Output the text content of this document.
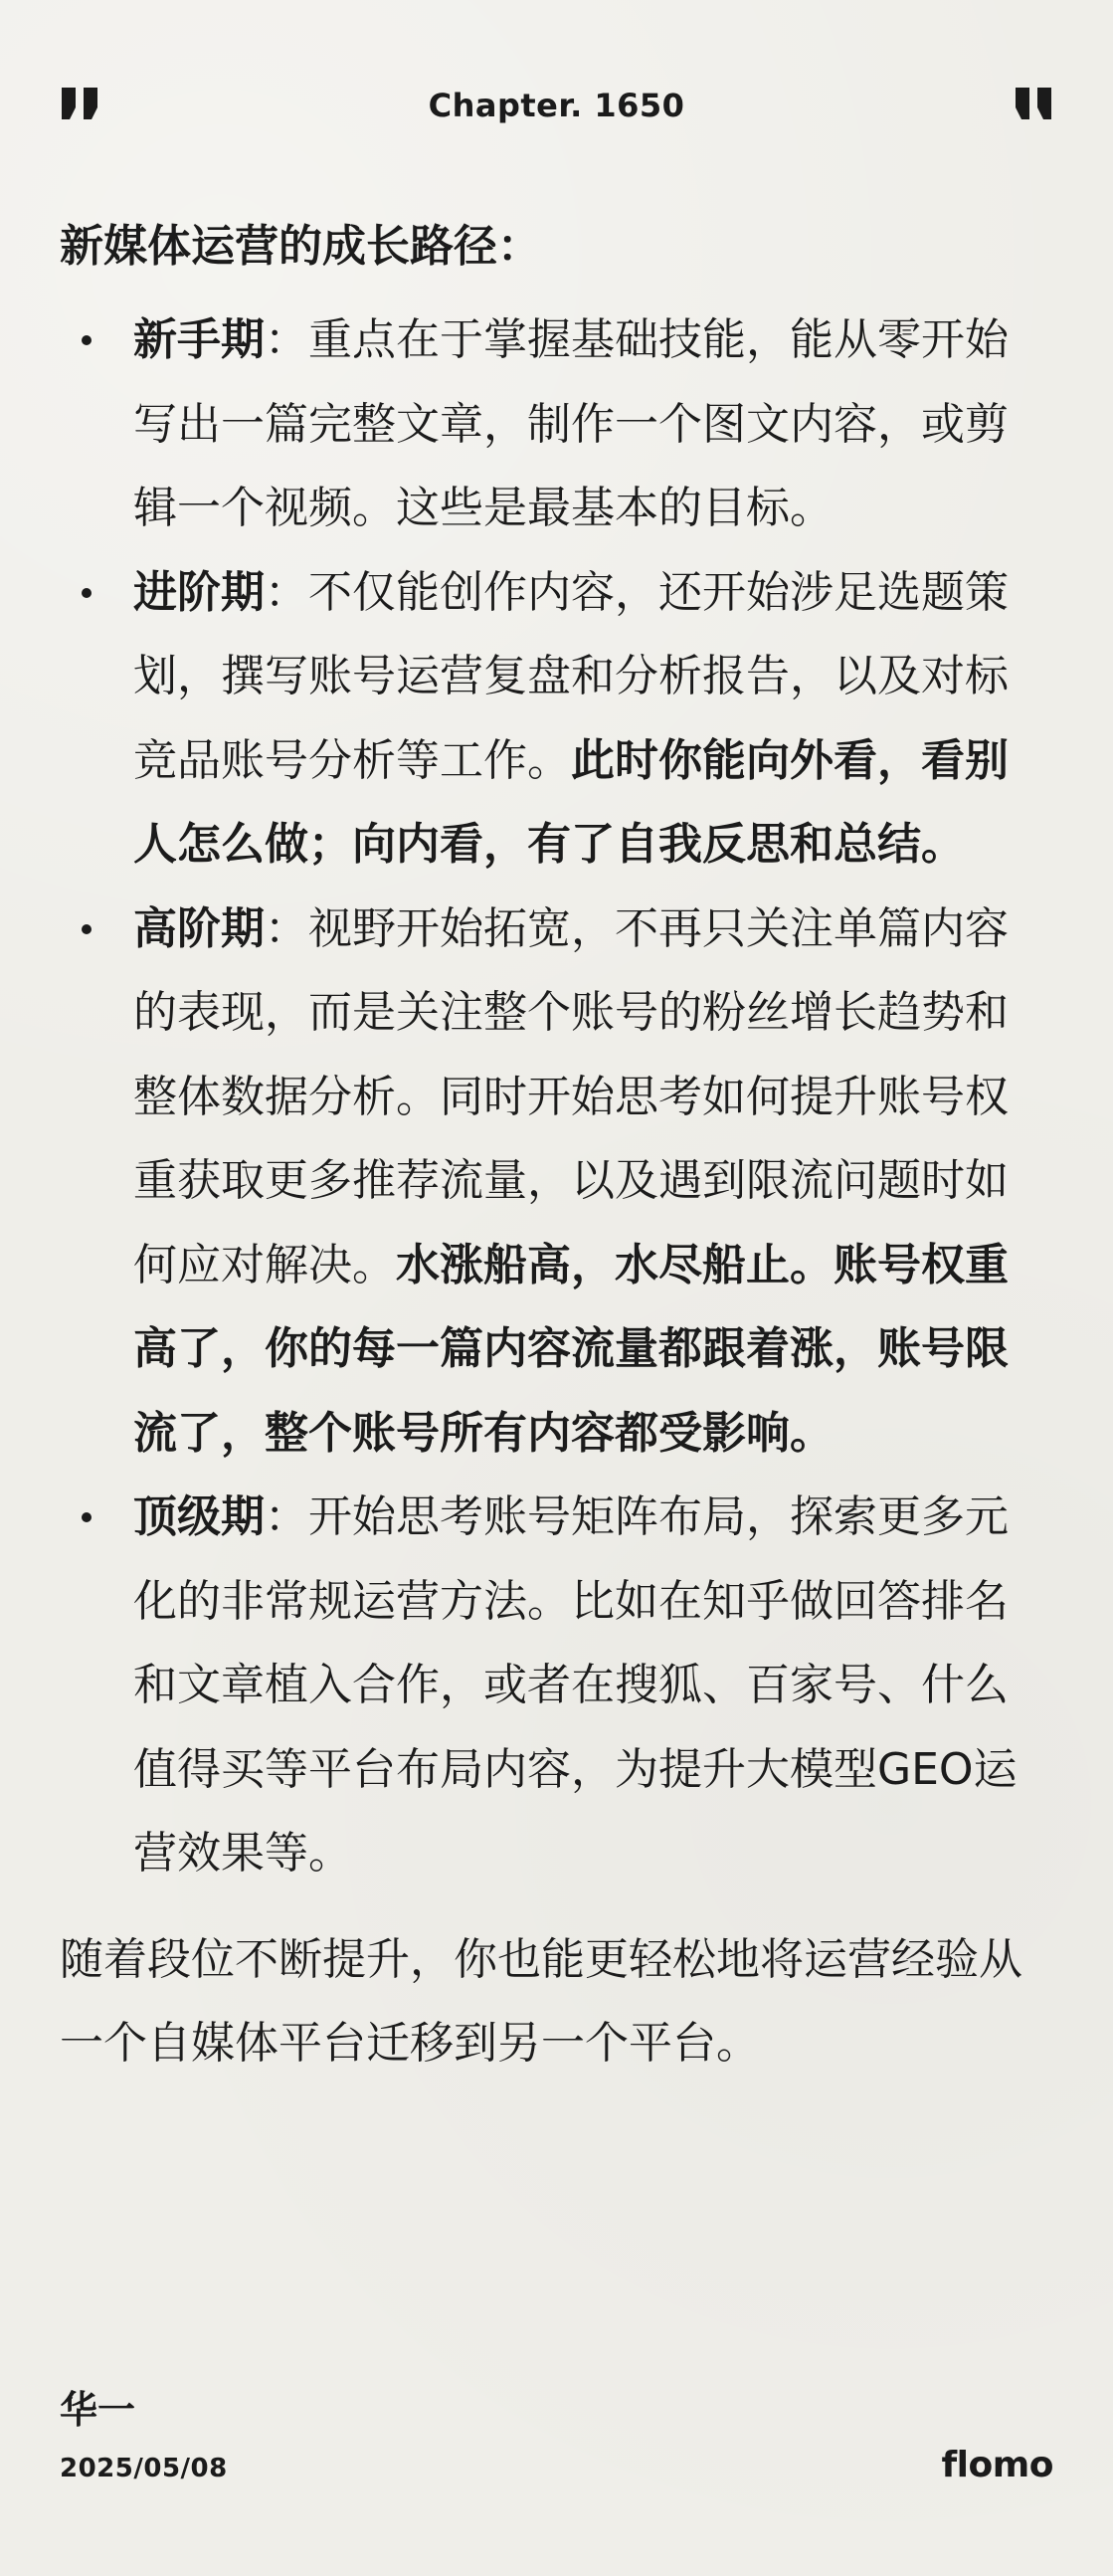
Chapter. 1650
新媒体运营的成长路径：
新手期：重点在于掌握基础技能，能从零开始写出一篇完整文章，制作一个图文内容，或剪辑一个视频。这些是最基本的目标。
进阶期：不仅能创作内容，还开始涉足选题策划，撰写账号运营复盘和分析报告，以及对标竞品账号分析等工作。此时你能向外看，看别人怎么做；向内看，有了自我反思和总结。
高阶期：视野开始拓宽，不再只关注单篇内容的表现，而是关注整个账号的粉丝增长趋势和整体数据分析。同时开始思考如何提升账号权重获取更多推荐流量，以及遇到限流问题时如何应对解决。水涨船高，水尽船止。账号权重高了，你的每一篇内容流量都跟着涨，账号限流了，整个账号所有内容都受影响。
顶级期：开始思考账号矩阵布局，探索更多元化的非常规运营方法。比如在知乎做回答排名和文章植入合作，或者在搜狐、百家号、什么值得买等平台布局内容，为提升大模型GEO运营效果等。
随着段位不断提升，你也能更轻松地将运营经验从一个自媒体平台迁移到另一个平台。
华一
2025/05/08	flomo
